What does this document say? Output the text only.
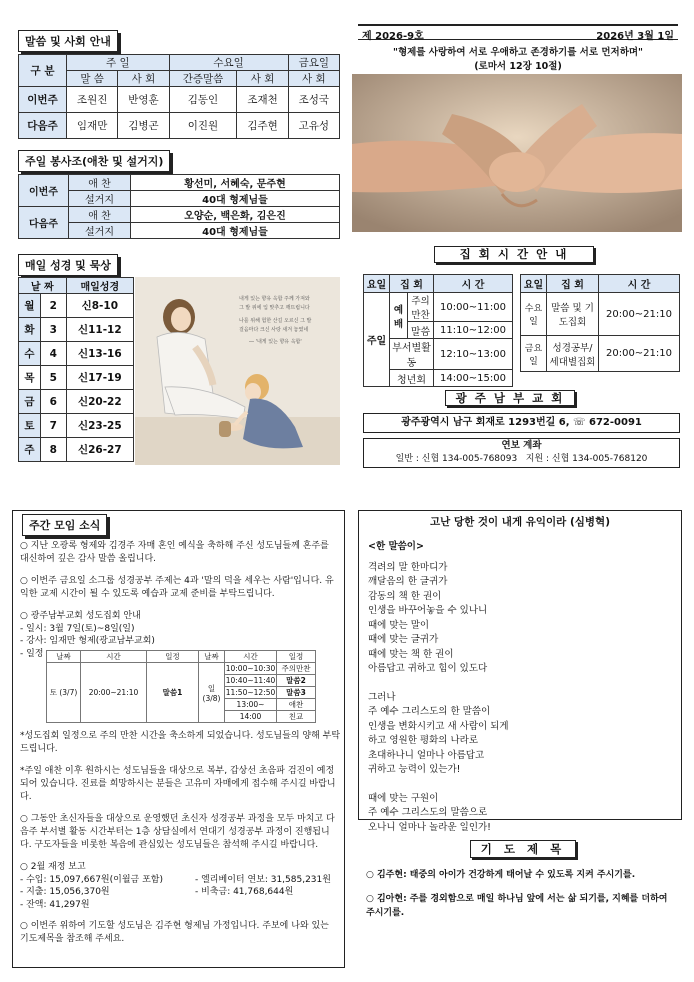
말씀 및 사회 안내
구 분	주 일		수요일		금요일
	말 씀	사 회	간증말씀	사 회	사 회
이번주	조원진	반영훈	김동인	조재천	조성국
다음주	임재만	김병곤	이진원	김주현	고유성
주일 봉사조(애찬 및 설거지)
이번주	애 찬	황선미, 서혜숙, 문주현
	설거지	40대 형제님들
다음주	애 찬	오양순, 백은화, 김은진
	설거지	40대 형제님들
매일 성경 및 묵상
날 짜		매일성경
월	2	신8-10
화	3	신11-12
수	4	신13-16
목	5	신17-19
금	6	신20-22
토	7	신23-25
주	8	신26-27
내게 있는 향유 옥합 주께 가져와
그 발 위에 입 맞추고 깨뜨립니다
나를 위해 험한 산길 오르신 그 발
걸음마다 크신 사랑 새겨 놓였네
― '내게 있는 향유 옥합'
제 2026-9호	2026년 3월 1일
"형제를 사랑하여 서로 우애하고 존경하기를 서로 먼저하며"
(로마서 12장 10절)
집 회 시 간 안 내
요일	집 회		시 간
주일	예배	주의 만찬	10:00~11:00
		말씀	11:10~12:00
	부서별활동		12:10~13:00
	청년회		14:00~15:00
요일	집 회	시 간
수요일	말씀 및 기도집회	20:00~21:10
금요일	성경공부/ 세대별집회	20:00~21:10
광 주 남 부 교 회
광주광역시 남구 회재로 1293번길 6, ☏ 672-0091
연보 계좌
일반 : 신협 134-005-768093   지원 : 신협 134-005-768120
주간 모임 소식

○ 지난 오광록 형제와 김경주 자매 혼인 예식을 축하해 주신 성도님들께 혼주를 대신하여 깊은 감사 말씀 올립니다.

○ 이번주 금요일 소그룹 성경공부 주제는 4과 '말의 덕을 세우는 사람'입니다. 유익한 교제 시간이 될 수 있도록 예습과 교제 준비를 부탁드립니다.

○ 광주남부교회 성도집회 안내
- 일시: 3월 7일(토)~8일(일)
- 강사: 임재만 형제(광교남부교회)
- 일정	날짜	시간	일정	날짜	시간	일정
토 (3/7)	20:00~21:10	말씀1	일 (3/8)	10:00~10:30	주의만찬
				10:40~11:40	말씀2
				11:50~12:50	말씀3
				13:00~	애찬
				14:00	친교

*성도집회 일정으로 주의 만찬 시간을 축소하게 되었습니다. 성도님들의 양해 부탁드립니다.

*주일 애찬 이후 원하시는 성도님들을 대상으로 복부, 갑상선 초음파 검진이 예정되어 있습니다. 진료를 희망하시는 분들은 고유미 자매에게 접수해 주시길 바랍니다.

○ 그동안 초신자들을 대상으로 운영했던 초신자 성경공부 과정을 모두 마치고 다음주 부서별 활동 시간부터는 1층 상담실에서 연대기 성경공부 과정이 진행됩니다. 구도자들을 비롯한 복음에 관심있는 성도님들은 참석해 주시길 바랍니다.

○ 2월 재정 보고
- 수입: 15,097,667원(이월금 포함)	- 엘리베이터 연보: 31,585,231원
- 지출: 15,056,370원	- 비축금: 41,768,644원
- 잔액: 41,297원

○ 이번주 위하여 기도할 성도님은 김주현 형제님 가정입니다. 주보에 나와 있는 기도제목을 참조해 주세요.

고난 당한 것이 내게 유익이라 (심병혁)
<한 말씀이>
격려의 말 한마디가
깨달음의 한 글귀가
감동의 책 한 권이
인생을 바꾸어놓을 수 있나니
때에 맞는 말이
때에 맞는 글귀가
때에 맞는 책 한 권이
아름답고 귀하고 힘이 있도다
그러나
주 예수 그리스도의 한 말씀이
인생을 변화시키고 새 사람이 되게
하고 영원한 평화의 나라로
초대하나니 얼마나 아름답고
귀하고 능력이 있는가!
때에 맞는 구원이
주 예수 그리스도의 말씀으로
오나니 얼마나 놀라운 일인가!
기 도 제 목

○ 김주현: 태중의 아이가 건강하게 태어날 수 있도록 지켜 주시기를.

○ 김아현: 주를 경외함으로 매일 하나님 앞에 서는 삶 되기를, 지혜를 더하여 주시기를.
